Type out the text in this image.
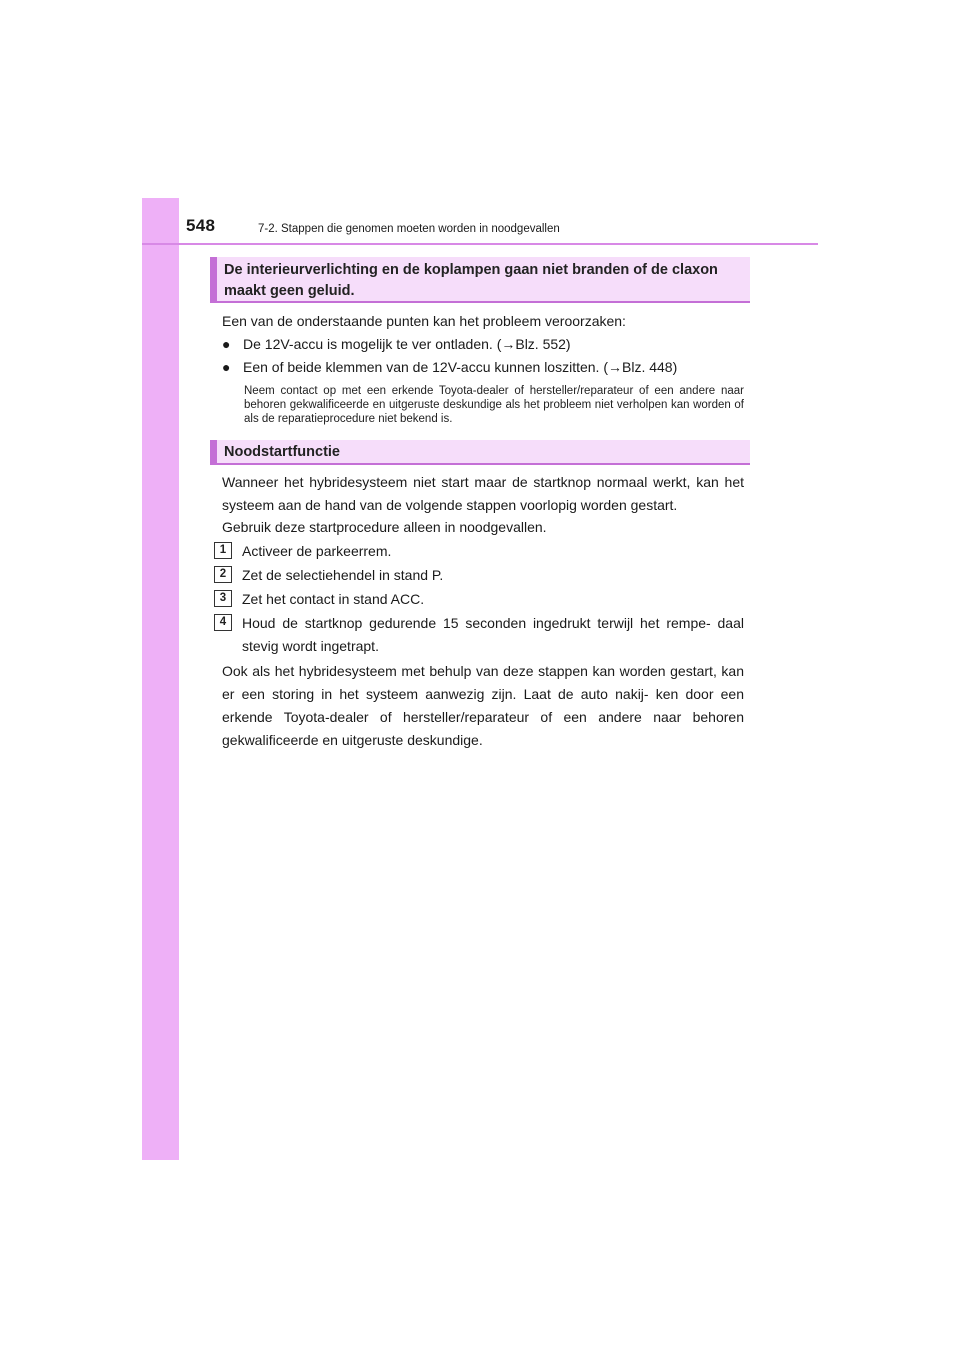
548	7-2. Stappen die genomen moeten worden in noodgevallen
De interieurverlichting en de koplampen gaan niet branden of de claxon maakt geen geluid.

Een van de onderstaande punten kan het probleem veroorzaken:

● De 12V-accu is mogelijk te ver ontladen. (→Blz. 552)
● Een of beide klemmen van de 12V-accu kunnen loszitten. (→Blz. 448)

Neem contact op met een erkende Toyota-dealer of hersteller/reparateur of een andere naar behoren gekwalificeerde en uitgeruste deskundige als het probleem niet verholpen kan worden of als de reparatieprocedure niet bekend is.

Noodstartfunctie

Wanneer het hybridesysteem niet start maar de startknop normaal werkt, kan het systeem aan de hand van de volgende stappen voorlopig worden gestart.

Gebruik deze startprocedure alleen in noodgevallen.

1	Activeer de parkeerrem.
2	Zet de selectiehendel in stand P.
3	Zet het contact in stand ACC.
4	Houd de startknop gedurende 15 seconden ingedrukt terwijl het rempe- daal stevig wordt ingetrapt.

Ook als het hybridesysteem met behulp van deze stappen kan worden gestart, kan er een storing in het systeem aanwezig zijn. Laat de auto nakij- ken door een erkende Toyota-dealer of hersteller/reparateur of een andere naar behoren gekwalificeerde en uitgeruste deskundige.
